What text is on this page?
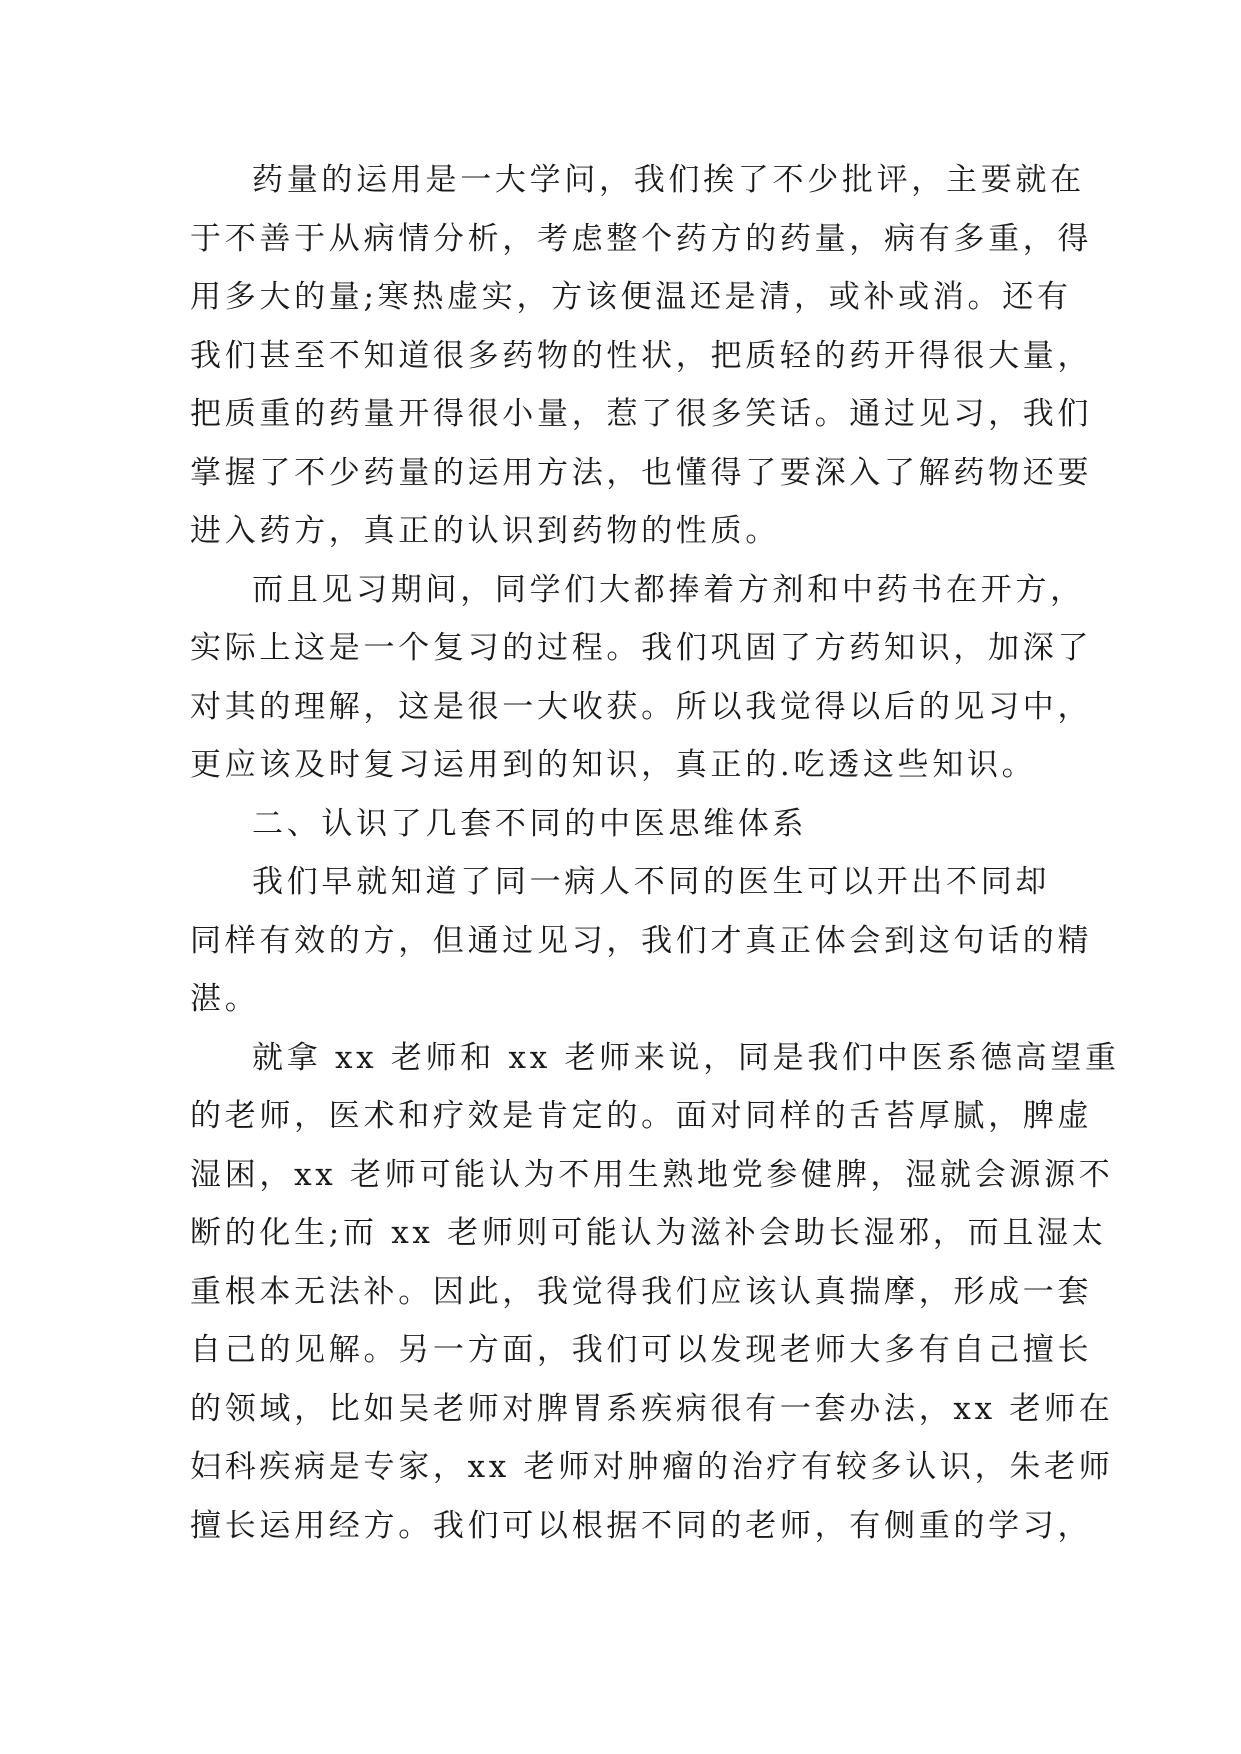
药量的运用是一大学问，我们挨了不少批评，主要就在
于不善于从病情分析，考虑整个药方的药量，病有多重，得
用多大的量;寒热虚实，方该便温还是清，或补或消。还有
我们甚至不知道很多药物的性状，把质轻的药开得很大量，
把质重的药量开得很小量，惹了很多笑话。通过见习，我们
掌握了不少药量的运用方法，也懂得了要深入了解药物还要
进入药方，真正的认识到药物的性质。

而且见习期间，同学们大都捧着方剂和中药书在开方，
实际上这是一个复习的过程。我们巩固了方药知识，加深了
对其的理解，这是很一大收获。所以我觉得以后的见习中，
更应该及时复习运用到的知识，真正的.吃透这些知识。

二、认识了几套不同的中医思维体系

我们早就知道了同一病人不同的医生可以开出不同却
同样有效的方，但通过见习，我们才真正体会到这句话的精
湛。

就拿 xx 老师和 xx 老师来说，同是我们中医系德高望重
的老师，医术和疗效是肯定的。面对同样的舌苔厚腻，脾虚
湿困，xx 老师可能认为不用生熟地党参健脾，湿就会源源不
断的化生;而 xx 老师则可能认为滋补会助长湿邪，而且湿太
重根本无法补。因此，我觉得我们应该认真揣摩，形成一套
自己的见解。另一方面，我们可以发现老师大多有自己擅长
的领域，比如吴老师对脾胃系疾病很有一套办法，xx 老师在
妇科疾病是专家，xx 老师对肿瘤的治疗有较多认识，朱老师
擅长运用经方。我们可以根据不同的老师，有侧重的学习，
